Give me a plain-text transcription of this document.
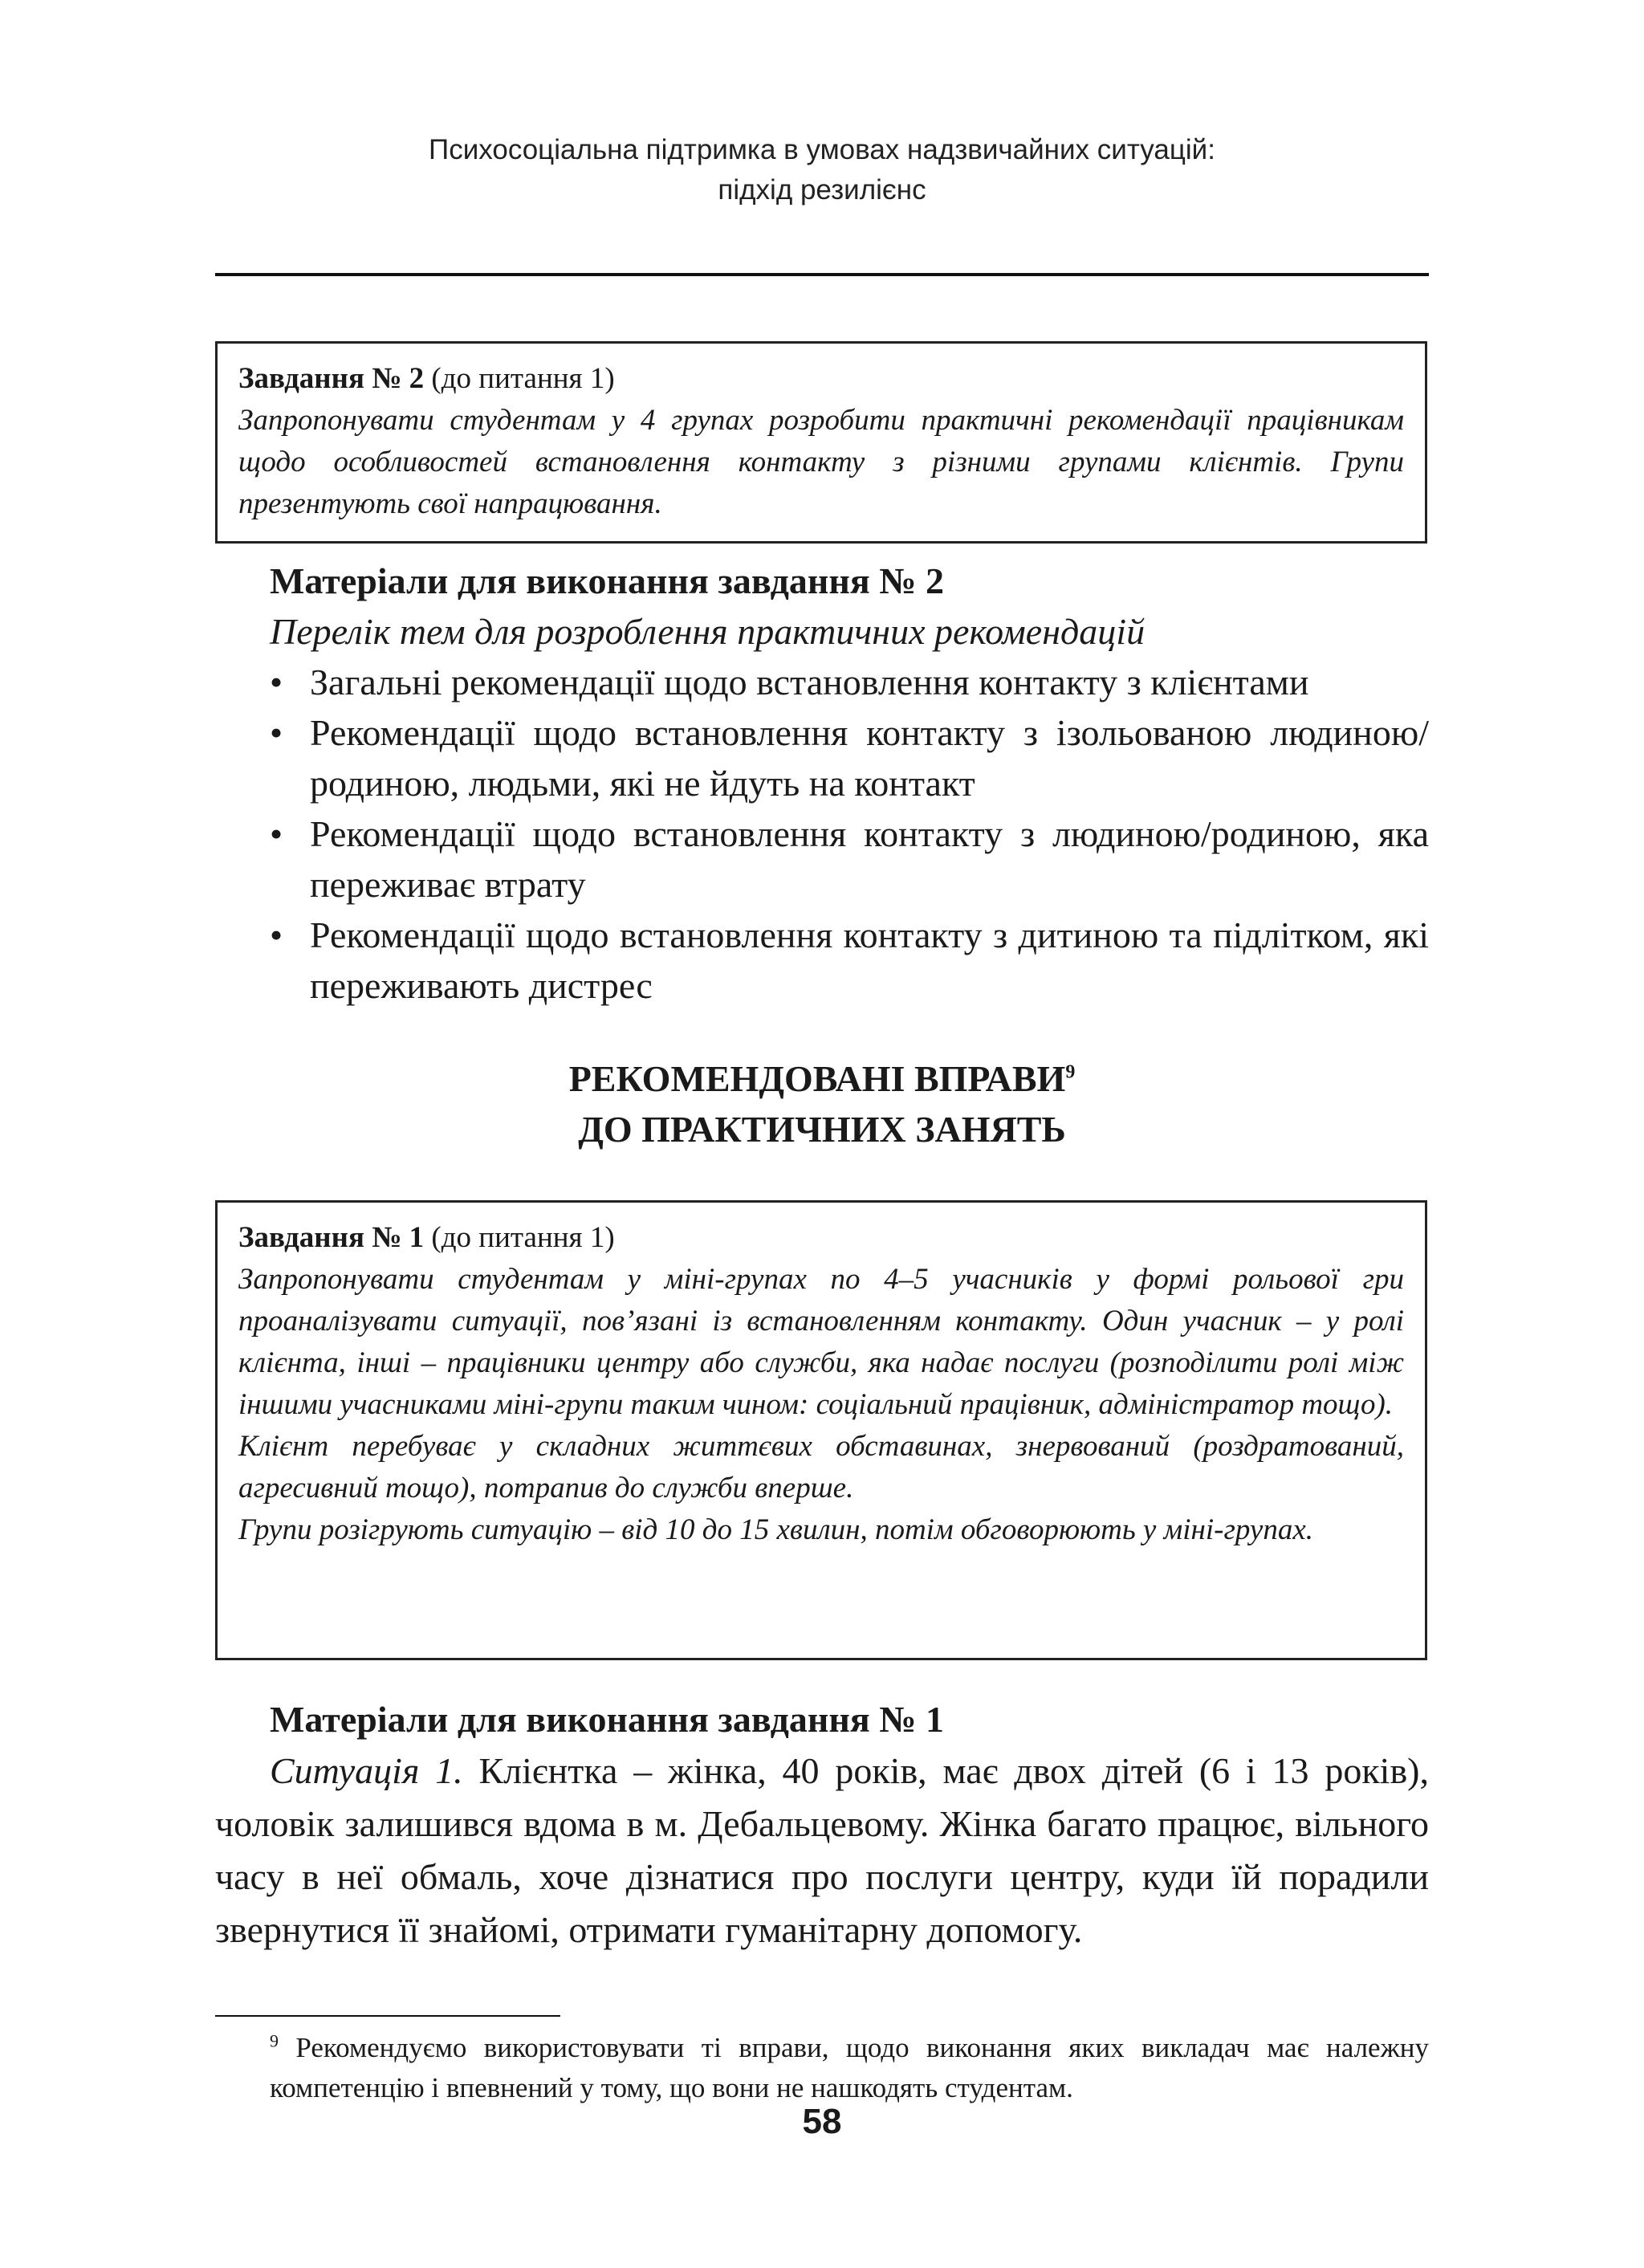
Психосоціальна підтримка в умовах надзвичайних ситуацій:
підхід резилієнс
Завдання № 2 (до питання 1)

Запропонувати студентам у 4 групах розробити практичні рекомендації працівникам щодо особливостей встановлення контакту з різними групами клієнтів. Групи презентують свої напрацювання.

Матеріали для виконання завдання № 2
Перелік тем для розроблення практичних рекомендацій
• Загальні рекомендації щодо встановлення контакту з клієнтами
• Рекомендації щодо встановлення контакту з ізольованою людиною/родиною, людьми, які не йдуть на контакт
• Рекомендації щодо встановлення контакту з людиною/родиною, яка переживає втрату
• Рекомендації щодо встановлення контакту з дитиною та підлітком, які переживають дистрес
РЕКОМЕНДОВАНІ ВПРАВИ$^9$
ДО ПРАКТИЧНИХ ЗАНЯТЬ
Завдання № 1 (до питання 1)

Запропонувати студентам у міні-групах по 4–5 учасників у формі рольової гри проаналізувати ситуації, пов’язані із встановленням контакту. Один учасник – у ролі клієнта, інші – працівники центру або служби, яка надає послуги (розподілити ролі між іншими учасниками міні-групи таким чином: соціальний працівник, адміністратор тощо).

Клієнт перебуває у складних життєвих обставинах, знервований (роздратований, агресивний тощо), потрапив до служби вперше.

Групи розігрують ситуацію – від 10 до 15 хвилин, потім обговорюють у міні-групах.

Матеріали для виконання завдання № 1

Ситуація 1. Клієнтка – жінка, 40 років, має двох дітей (6 і 13 років), чоловік залишився вдома в м. Дебальцевому. Жінка багато працює, вільного часу в неї обмаль, хоче дізнатися про послуги центру, куди їй порадили звернутися її знайомі, отримати гуманітарну допомогу.

$^9$ Рекомендуємо використовувати ті вправи, щодо виконання яких викладач має належну компетенцію і впевнений у тому, що вони не нашкодять студентам.
58
